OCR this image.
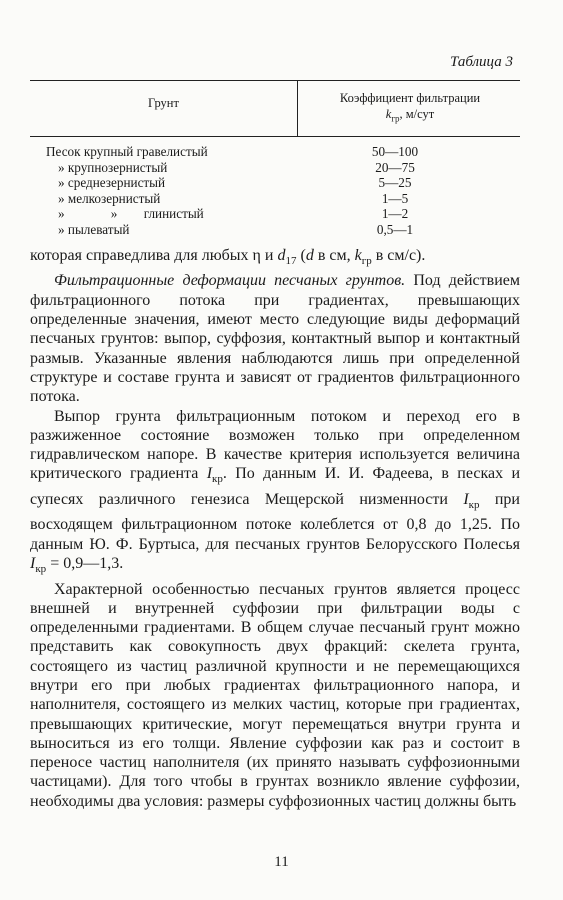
Таблица 3
Грунт	Коэффициент фильтрации
$k_{гр}$, м/сут
Песок крупный гравелистый	50—100
» крупнозернистый	20—75
» среднезернистый	5—25
» мелкозернистый	1—5
»              »        глинистый	1—2
» пылеватый	0,5—1

которая справедлива для любых η и $d_{17}$ (d в см, $k_{гр}$ в см/с).

Фильтрационные деформации песчаных грунтов. Под действием фильтрационного потока при градиентах, превышающих определенные значения, имеют место следующие виды деформаций песчаных грунтов: выпор, суффозия, контактный выпор и контактный размыв. Указанные явления наблюдаются лишь при определенной структуре и составе грунта и зависят от градиентов фильтрационного потока.

Выпор грунта фильтрационным потоком и переход его в разжиженное состояние возможен только при определенном гидравлическом напоре. В качестве критерия используется величина критического градиента $I_{кр}$. По данным И. И. Фадеева, в песках и супесях различного генезиса Мещерской низменности $I_{кр}$ при восходящем фильтрационном потоке колеблется от 0,8 до 1,25. По данным Ю. Ф. Буртыса, для песчаных грунтов Белорусского Полесья $I_{кр}$ = 0,9—1,3.

Характерной особенностью песчаных грунтов является процесс внешней и внутренней суффозии при фильтрации воды с определенными градиентами. В общем случае песчаный грунт можно представить как совокупность двух фракций: скелета грунта, состоящего из частиц различной крупности и не перемещающихся внутри его при любых градиентах фильтрационного напора, и наполнителя, состоящего из мелких частиц, которые при градиентах, превышающих критические, могут перемещаться внутри грунта и выноситься из его толщи. Явление суффозии как раз и состоит в переносе частиц наполнителя (их принято называть суффозионными частицами). Для того чтобы в грунтах возникло явление суффозии, необходимы два условия: размеры суффозионных частиц должны быть

11
